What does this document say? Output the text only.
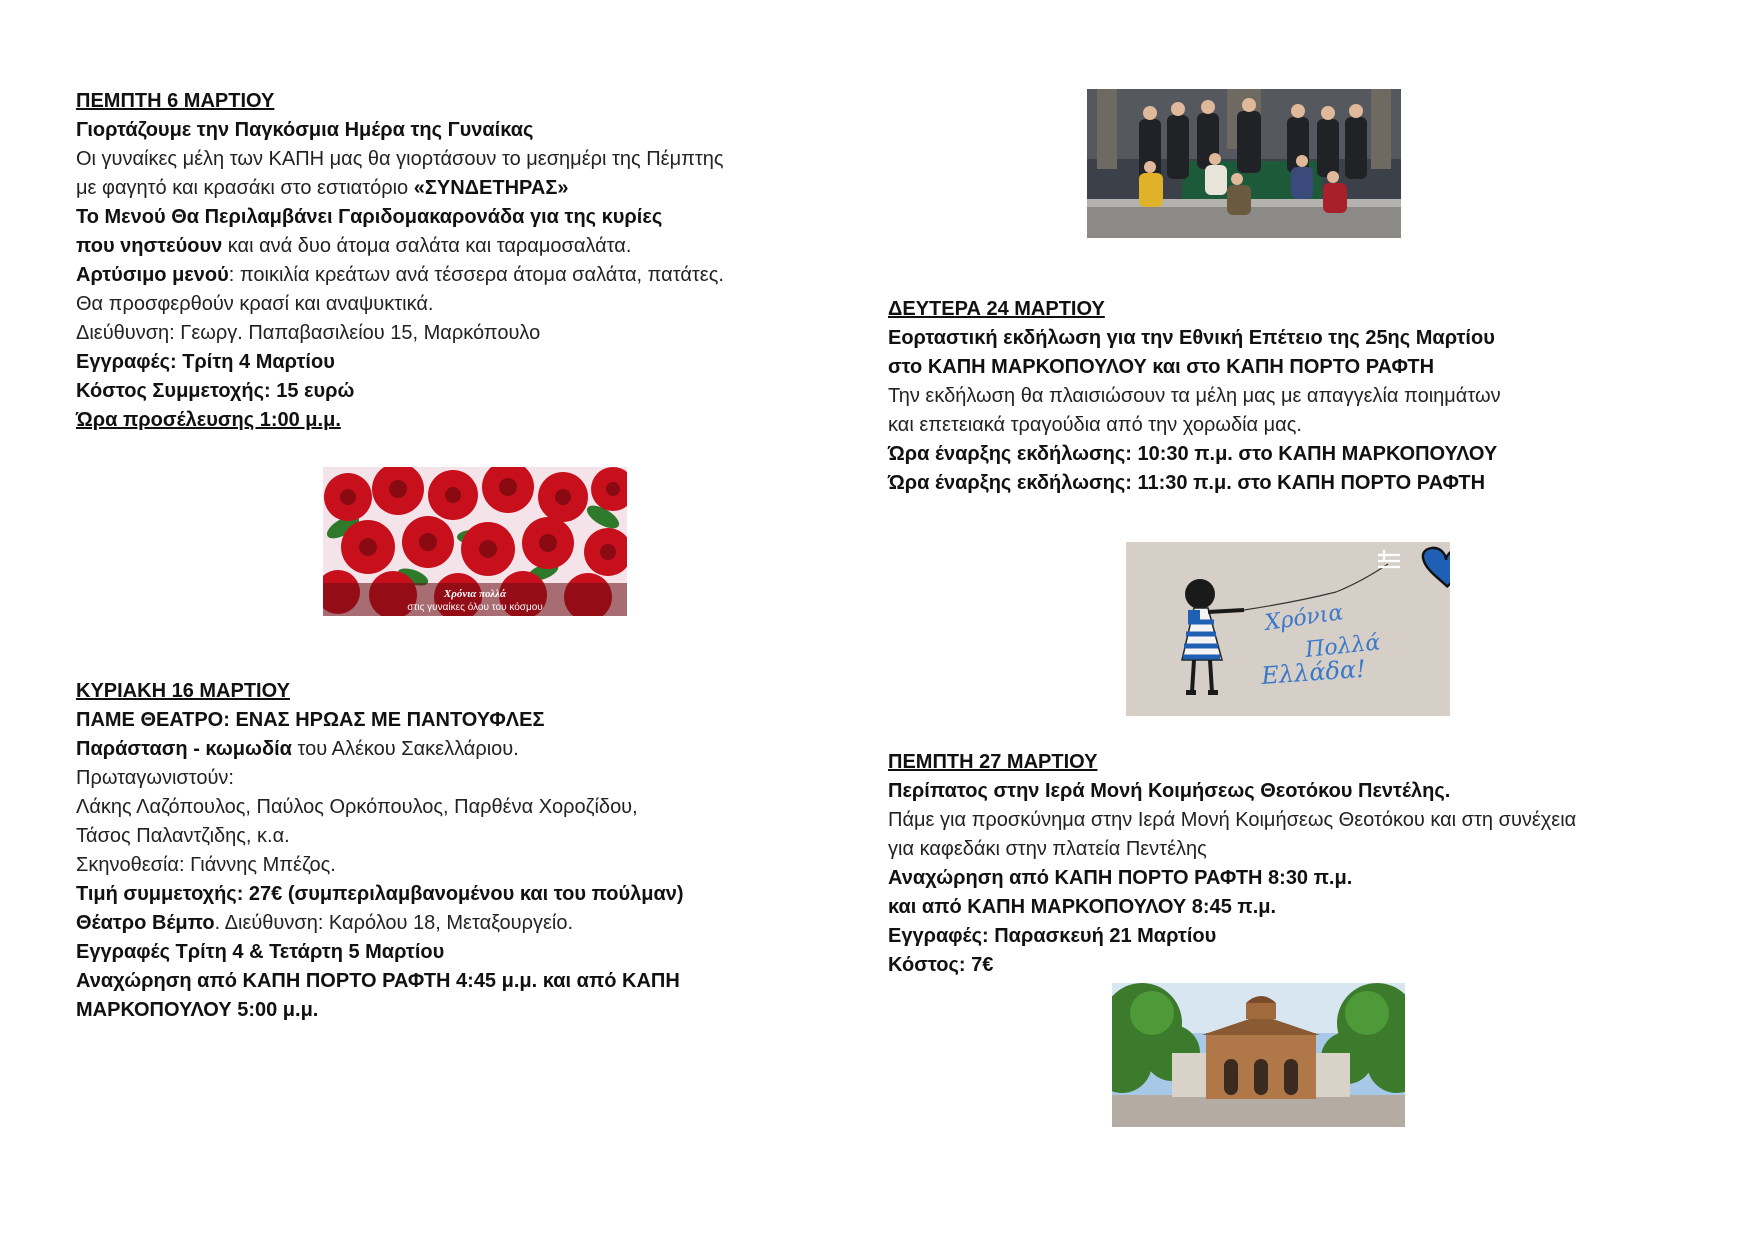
ΠΕΜΠΤΗ 6 ΜΑΡΤΙΟΥ

Γιορτάζουμε την Παγκόσμια Ημέρα της Γυναίκας

Οι γυναίκες μέλη των ΚΑΠΗ μας θα γιορτάσουν το μεσημέρι της Πέμπτης

με φαγητό και κρασάκι στο εστιατόριο «ΣΥΝΔΕΤΗΡΑΣ»

Το Μενού Θα Περιλαμβάνει Γαριδομακαρονάδα για της κυρίες

που νηστεύουν και ανά δυο άτομα σαλάτα και ταραμοσαλάτα.

Αρτύσιμο μενού: ποικιλία κρεάτων ανά τέσσερα άτομα σαλάτα, πατάτες.

Θα προσφερθούν κρασί και αναψυκτικά.

Διεύθυνση: Γεωργ. Παπαβασιλείου 15, Μαρκόπουλο

Εγγραφές: Τρίτη 4 Μαρτίου

Κόστος Συμμετοχής: 15 ευρώ

Ώρα προσέλευσης 1:00 μ.μ.

Χρόνια πολλά
στις γυναίκες όλου του κόσμου

ΚΥΡΙΑΚΗ 16 ΜΑΡΤΙΟΥ

ΠΑΜΕ ΘΕΑΤΡΟ: ΕΝΑΣ ΗΡΩΑΣ ΜΕ ΠΑΝΤΟΥΦΛΕΣ

Παράσταση - κωμωδία του Αλέκου Σακελλάριου.

Πρωταγωνιστούν:

Λάκης Λαζόπουλος, Παύλος Ορκόπουλος, Παρθένα Χοροζίδου,

Τάσος Παλαντζιδης, κ.α.

Σκηνοθεσία: Γιάννης Μπέζος.

Τιμή συμμετοχής: 27€ (συμπεριλαμβανομένου και του πούλμαν)

Θέατρο Βέμπο. Διεύθυνση: Καρόλου 18, Μεταξουργείο.

Εγγραφές Τρίτη 4 & Τετάρτη 5 Μαρτίου

Αναχώρηση από ΚΑΠΗ ΠΟΡΤΟ ΡΑΦΤΗ 4:45 μ.μ. και από ΚΑΠΗ

ΜΑΡΚΟΠΟΥΛΟΥ 5:00 μ.μ.

ΔΕΥΤΕΡΑ 24 ΜΑΡΤΙΟΥ

Εορταστική εκδήλωση για την Εθνική Επέτειο της 25ης Μαρτίου

στο ΚΑΠΗ ΜΑΡΚΟΠΟΥΛΟΥ και στο ΚΑΠΗ ΠΟΡΤΟ ΡΑΦΤΗ

Την εκδήλωση θα πλαισιώσουν τα μέλη μας με απαγγελία ποιημάτων

και επετειακά τραγούδια από την χορωδία μας.

Ώρα έναρξης εκδήλωσης: 10:30 π.μ. στο ΚΑΠΗ ΜΑΡΚΟΠΟΥΛΟΥ

Ώρα έναρξης εκδήλωσης: 11:30 π.μ. στο ΚΑΠΗ ΠΟΡΤΟ ΡΑΦΤΗ

Χρόνια
Πολλά
Ελλάδα!

ΠΕΜΠΤΗ 27 ΜΑΡΤΙΟΥ

Περίπατος στην Ιερά Μονή Κοιμήσεως Θεοτόκου Πεντέλης.

Πάμε για προσκύνημα στην Ιερά Μονή Κοιμήσεως Θεοτόκου και στη συνέχεια

για καφεδάκι στην πλατεία Πεντέλης

Αναχώρηση από ΚΑΠΗ ΠΟΡΤΟ ΡΑΦΤΗ 8:30 π.μ.

και από ΚΑΠΗ ΜΑΡΚΟΠΟΥΛΟΥ 8:45 π.μ.

Εγγραφές: Παρασκευή 21 Μαρτίου

Κόστος: 7€
